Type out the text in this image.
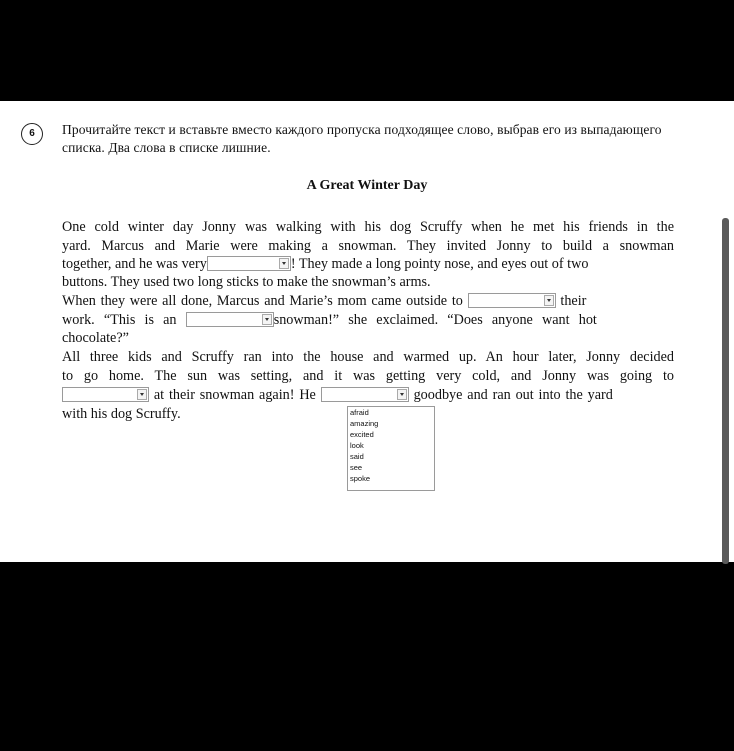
6	Прочитайте текст и вставьте вместо каждого пропуска подходящее слово, выбрав его из выпадающего списка. Два слова в списке лишние.
A Great Winter Day
One cold winter day Jonny was walking with his dog Scruffy when he met his friends in the
yard. Marcus and Marie were making a snowman. They invited Jonny to build a snowman
together, and he was very	! They made a long pointy nose, and eyes out of two
buttons. They used two long sticks to make the snowman’s arms.
When they were all done, Marcus and Marie’s mom came outside to	their
work. “This is an	snowman!” she exclaimed. “Does anyone want hot
chocolate?”
All three kids and Scruffy ran into the house and warmed up. An hour later, Jonny decided
to go home. The sun was setting, and it was getting very cold, and Jonny was going to
at their snowman again! He	goodbye and ran out into the yard
with his dog Scruffy.	afraid
amazing
excited
look
said
see
spoke
